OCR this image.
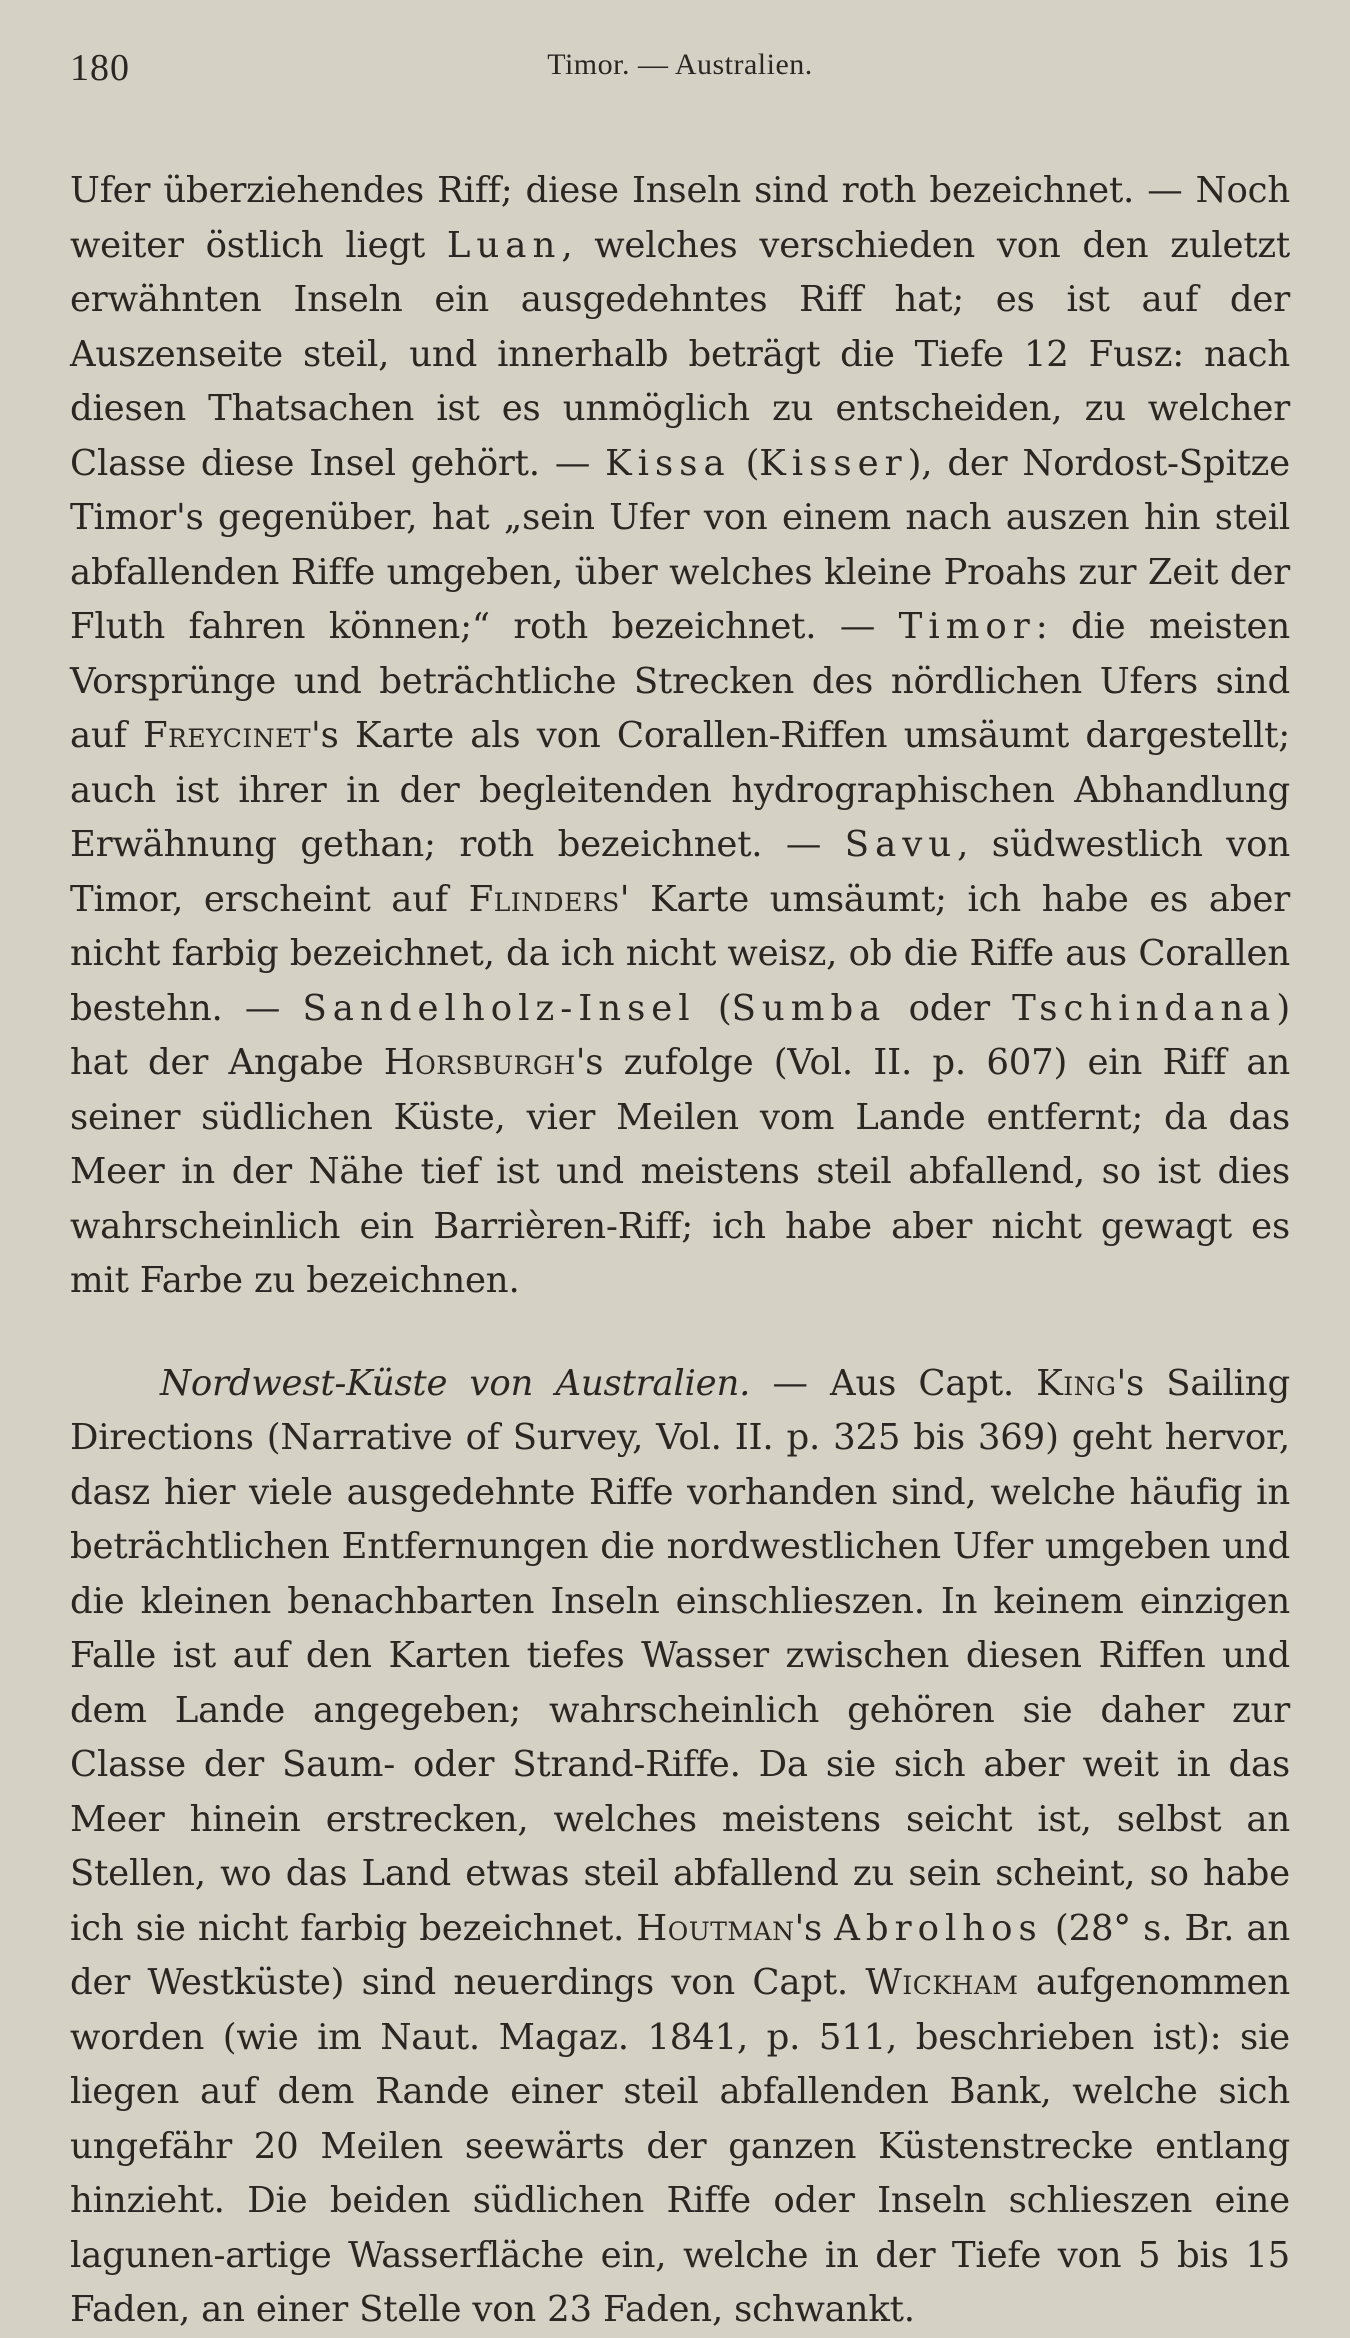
180	Timor. — Australien.

Ufer überziehendes Riff; diese Inseln sind roth bezeichnet. — Noch weiter östlich liegt Luan, welches verschieden von den zuletzt erwähnten Inseln ein ausgedehntes Riff hat; es ist auf der Auszenseite steil, und innerhalb beträgt die Tiefe 12 Fusz: nach diesen Thatsachen ist es unmöglich zu entscheiden, zu welcher Classe diese Insel gehört. — Kissa (Kisser), der Nordost-Spitze Timor's gegenüber, hat „sein Ufer von einem nach auszen hin steil abfallenden Riffe umgeben, über welches kleine Proahs zur Zeit der Fluth fahren können;“ roth bezeichnet. — Timor: die meisten Vorsprünge und beträchtliche Strecken des nördlichen Ufers sind auf Freycinet's Karte als von Corallen-Riffen umsäumt dargestellt; auch ist ihrer in der begleitenden hydrographischen Abhandlung Erwähnung gethan; roth bezeichnet. — Savu, südwestlich von Timor, erscheint auf Flinders' Karte umsäumt; ich habe es aber nicht farbig bezeichnet, da ich nicht weisz, ob die Riffe aus Corallen bestehn. — Sandelholz-Insel (Sumba oder Tschindana) hat der Angabe Horsburgh's zufolge (Vol. II. p. 607) ein Riff an seiner südlichen Küste, vier Meilen vom Lande entfernt; da das Meer in der Nähe tief ist und meistens steil abfallend, so ist dies wahrscheinlich ein Barrièren-Riff; ich habe aber nicht gewagt es mit Farbe zu bezeichnen.

Nordwest-Küste von Australien. — Aus Capt. King's Sailing Directions (Narrative of Survey, Vol. II. p. 325 bis 369) geht hervor, dasz hier viele ausgedehnte Riffe vorhanden sind, welche häufig in beträchtlichen Entfernungen die nordwestlichen Ufer umgeben und die kleinen benachbarten Inseln einschlieszen. In keinem einzigen Falle ist auf den Karten tiefes Wasser zwischen diesen Riffen und dem Lande angegeben; wahrscheinlich gehören sie daher zur Classe der Saum- oder Strand-Riffe. Da sie sich aber weit in das Meer hinein erstrecken, welches meistens seicht ist, selbst an Stellen, wo das Land etwas steil abfallend zu sein scheint, so habe ich sie nicht farbig bezeichnet. Houtman's Abrolhos (28° s. Br. an der Westküste) sind neuerdings von Capt. Wickham aufgenommen worden (wie im Naut. Magaz. 1841, p. 511, beschrieben ist): sie liegen auf dem Rande einer steil abfallenden Bank, welche sich ungefähr 20 Meilen seewärts der ganzen Küstenstrecke entlang hinzieht. Die beiden südlichen Riffe oder Inseln schlieszen eine lagunen-artige Wasserfläche ein, welche in der Tiefe von 5 bis 15 Faden, an einer Stelle von 23 Faden, schwankt.
